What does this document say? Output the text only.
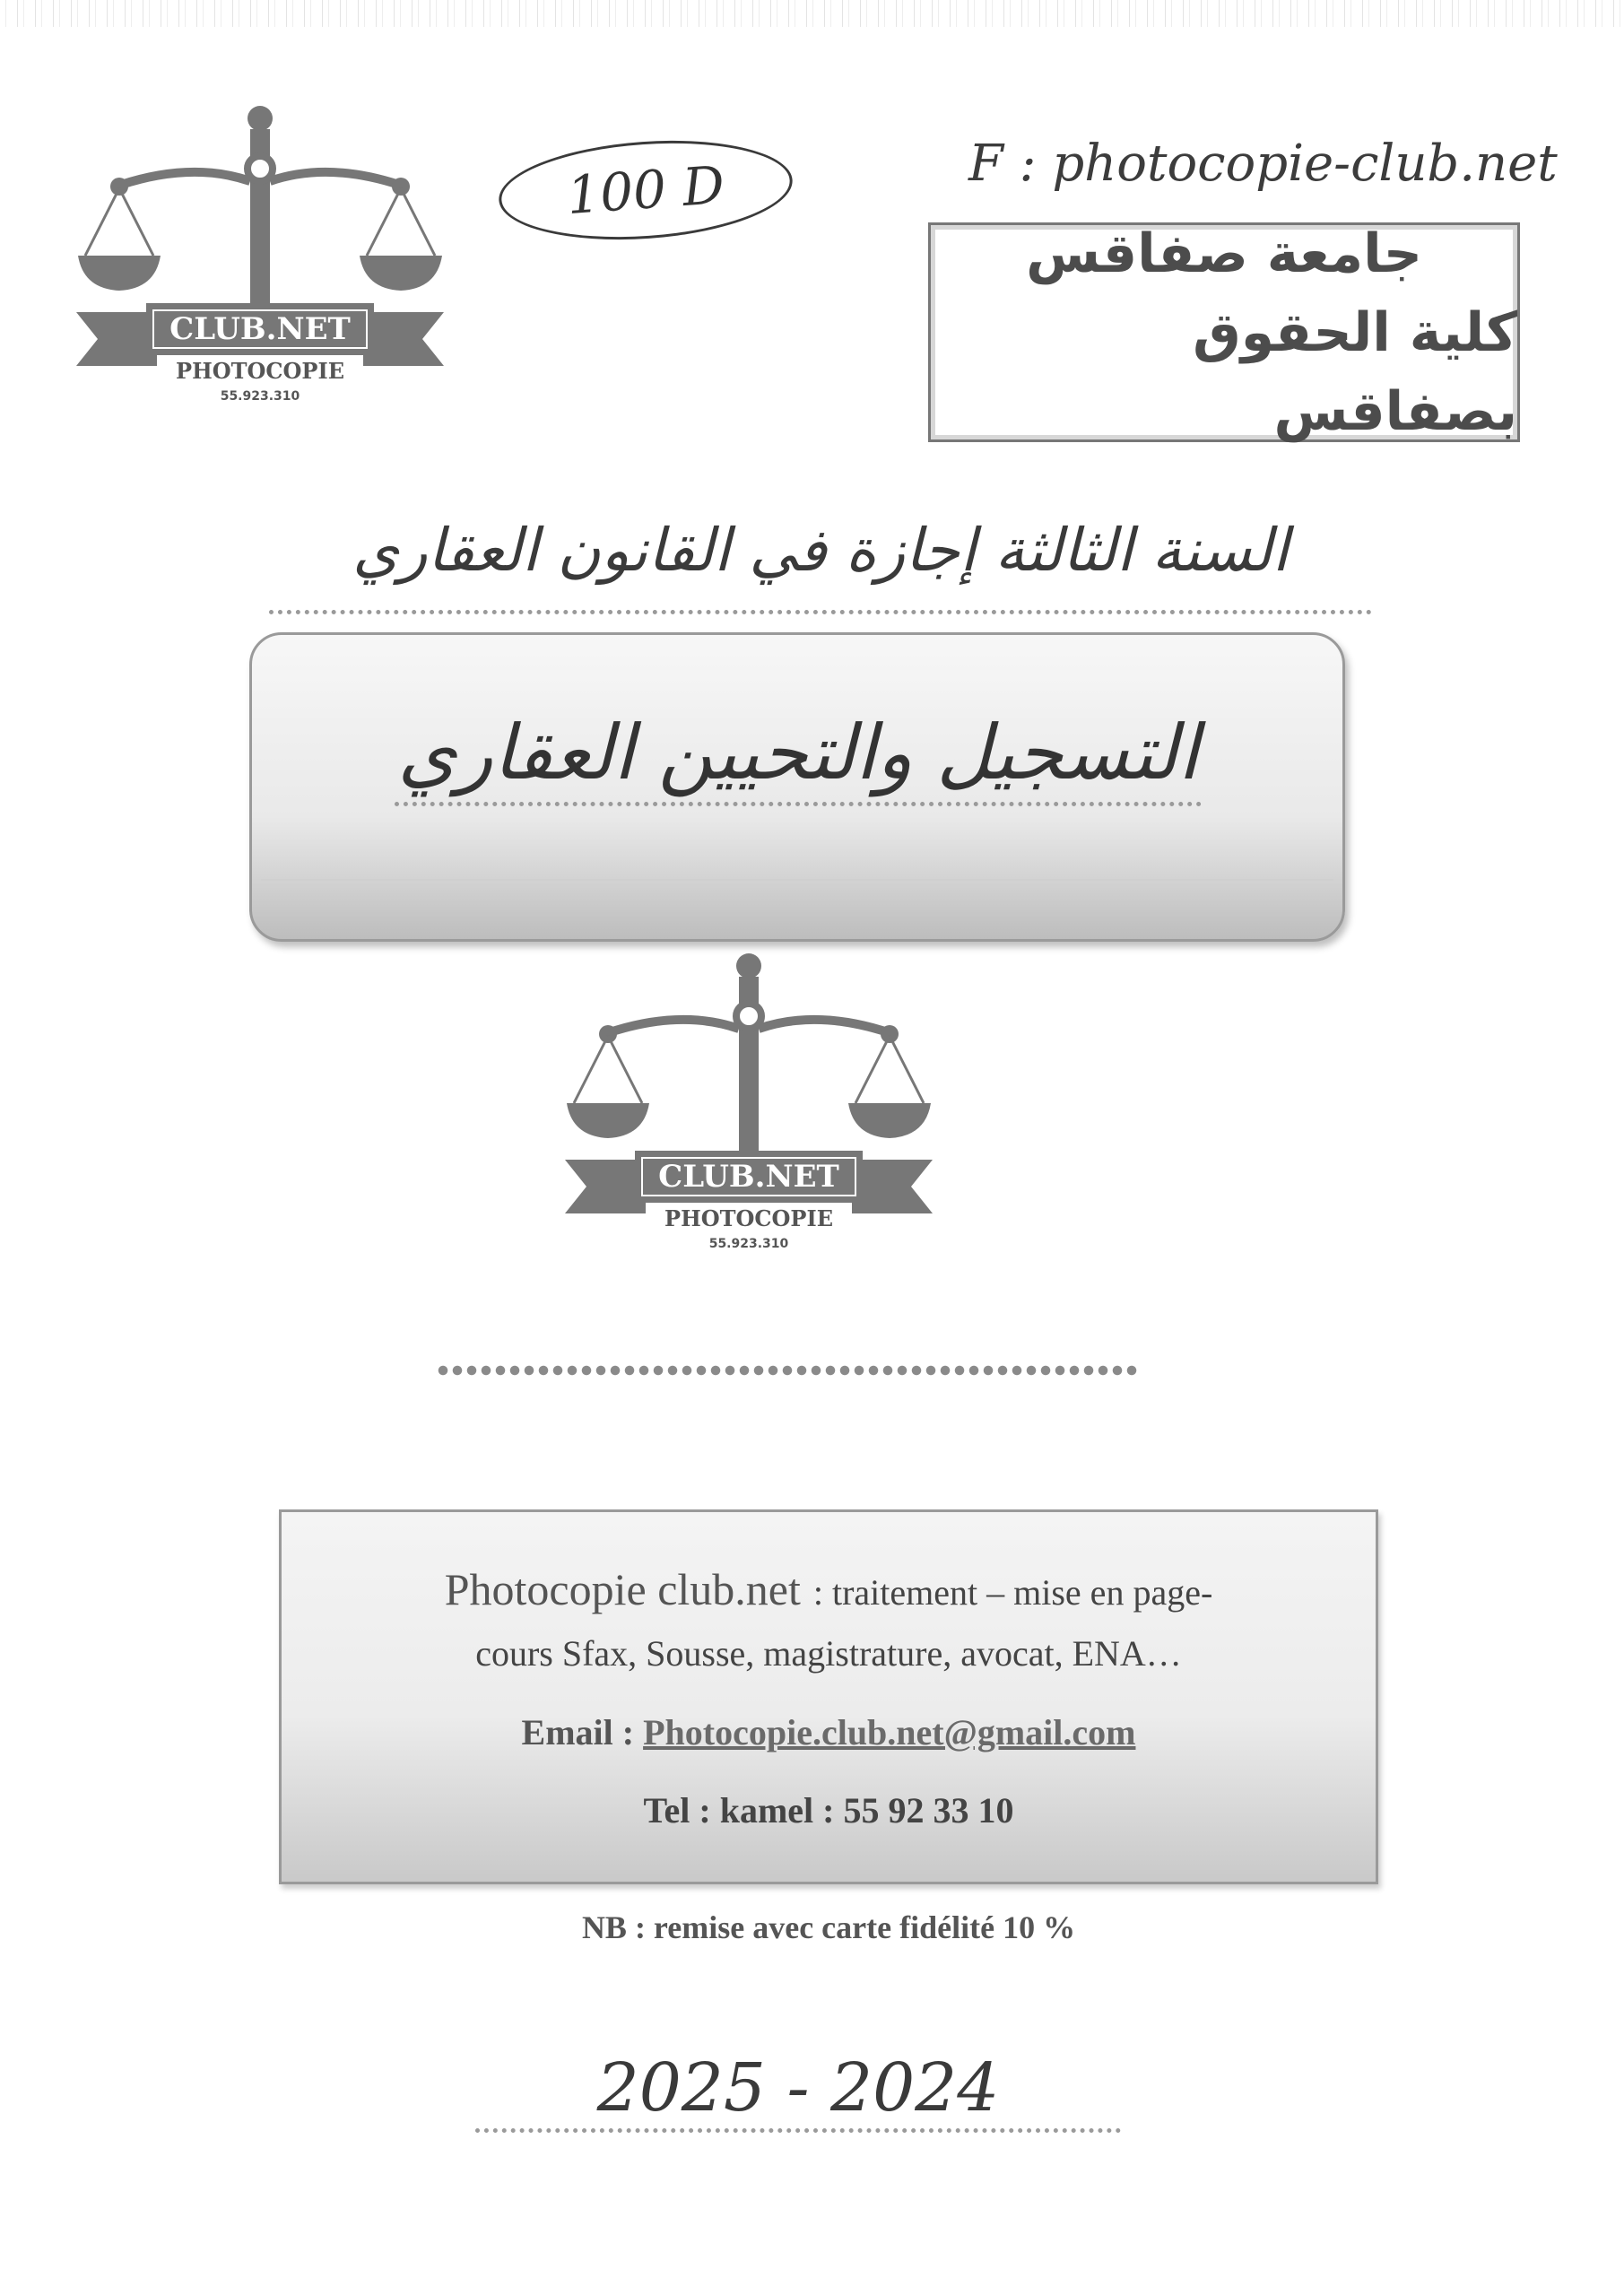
CLUB.NET
PHOTOCOPIE
55.923.310
100 D	F : photocopie-club.net
جامعة صفاقس
كلية الحقوق بصفاقس
السنة الثالثة إجازة في القانون العقاري
التسجيل والتحيين العقاري
CLUB.NET
PHOTOCOPIE
55.923.310
Photocopie club.net : traitement – mise en page-
cours Sfax, Sousse, magistrature, avocat, ENA…
Email : Photocopie.club.net@gmail.com
Tel : kamel : 55 92 33 10
NB : remise avec carte fidélité 10 %
2025 - 2024
